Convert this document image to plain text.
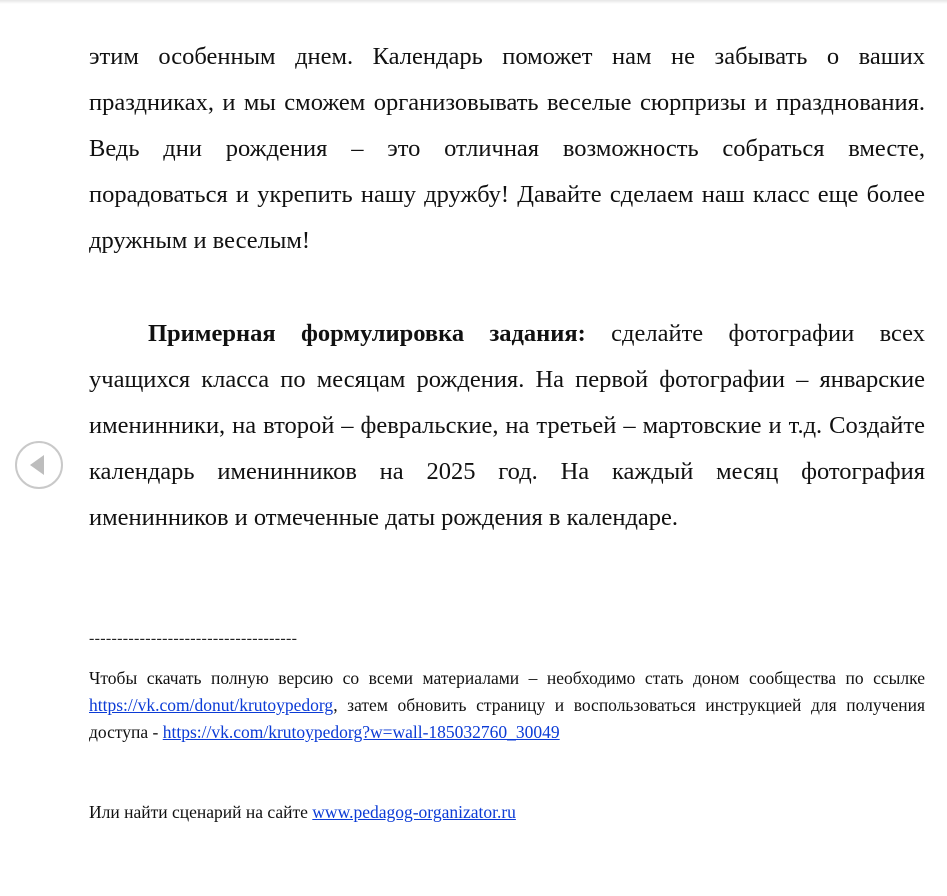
этим особенным днем. Календарь поможет нам не забывать о ваших праздниках, и мы сможем организовывать веселые сюрпризы и празднования. Ведь дни рождения – это отличная возможность собраться вместе, порадоваться и укрепить нашу дружбу! Давайте сделаем наш класс еще более дружным и веселым!

Примерная формулировка задания: сделайте фотографии всех учащихся класса по месяцам рождения. На первой фотографии – январские именинники, на второй – февральские, на третьей – мартовские и т.д. Создайте календарь именинников на 2025 год. На каждый месяц фотография именинников и отмеченные даты рождения в календаре.

-------------------------------------

Чтобы скачать полную версию со всеми материалами – необходимо стать доном сообщества по ссылке https://vk.com/donut/krutoypedorg, затем обновить страницу и воспользоваться инструкцией для получения доступа - https://vk.com/krutoypedorg?w=wall-185032760_30049

Или найти сценарий на сайте www.pedagog-organizator.ru
